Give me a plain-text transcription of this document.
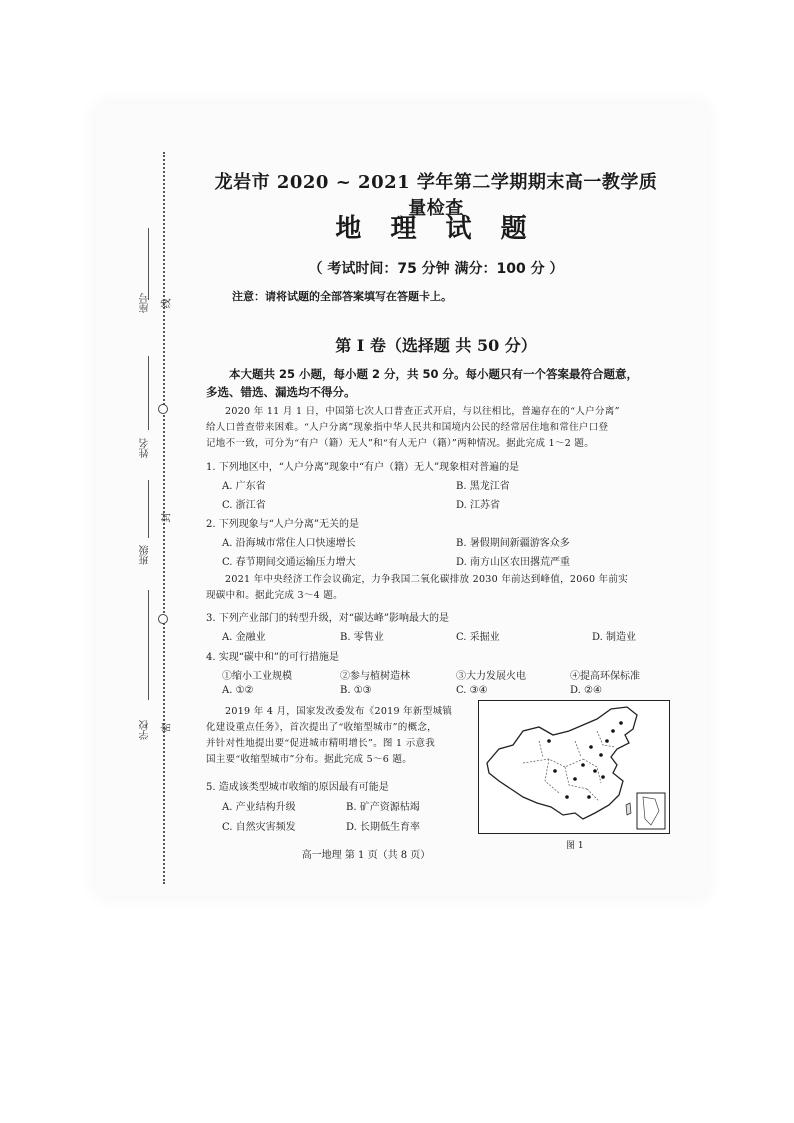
座号
姓名
班级
学校
线
封
密
龙岩市 2020 ~ 2021 学年第二学期期末高一教学质量检查
地 理 试 题
（ 考试时间：75 分钟 满分：100 分 ）
注意：请将试题的全部答案填写在答题卡上。
第 I 卷（选择题 共 50 分）
本大题共 25 小题，每小题 2 分，共 50 分。每小题只有一个答案最符合题意，
多选、错选、漏选均不得分。
2020 年 11 月 1 日，中国第七次人口普查正式开启，与以往相比，普遍存在的“人户分离”
给人口普查带来困难。“人户分离”现象指中华人民共和国境内公民的经常居住地和常住户口登
记地不一致，可分为“有户（籍）无人”和“有人无户（籍）”两种情况。据此完成 1～2 题。
1. 下列地区中，“人户分离”现象中“有户（籍）无人”现象相对普遍的是
A. 广东省	B. 黑龙江省
C. 浙江省	D. 江苏省
2. 下列现象与“人户分离”无关的是
A. 沿海城市常住人口快速增长	B. 暑假期间新疆游客众多
C. 春节期间交通运输压力增大	D. 南方山区农田撂荒严重
2021 年中央经济工作会议确定，力争我国二氧化碳排放 2030 年前达到峰值，2060 年前实
现碳中和。据此完成 3～4 题。
3. 下列产业部门的转型升级，对“碳达峰”影响最大的是
A. 金融业	B. 零售业	C. 采掘业	D. 制造业
4. 实现“碳中和”的可行措施是
①缩小工业规模	②参与植树造林	③大力发展火电	④提高环保标准
A. ①②	B. ①③	C. ③④	D. ②④
2019 年 4 月，国家发改委发布《2019 年新型城镇
化建设重点任务》，首次提出了“收缩型城市”的概念，
并针对性地提出要“促进城市精明增长”。图 1 示意我
国主要“收缩型城市”分布。据此完成 5～6 题。
5. 造成该类型城市收缩的原因最有可能是
A. 产业结构升级	B. 矿产资源枯竭
C. 自然灾害频发	D. 长期低生育率
图 1
高一地理 第 1 页（共 8 页）
